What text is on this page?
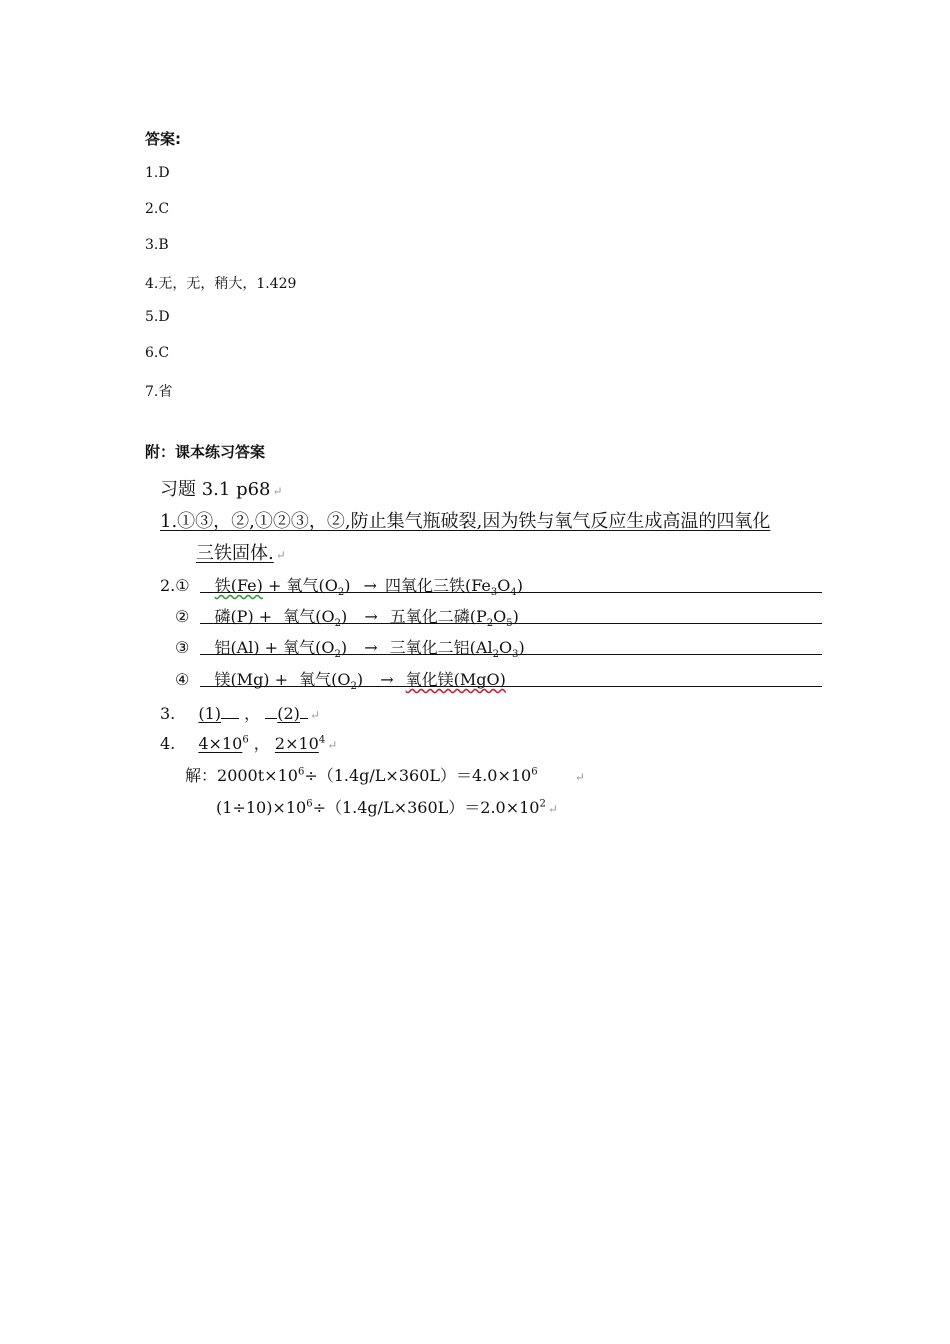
答案:
1.D
2.C
3.B
4.无，无，稍大，1.429
5.D
6.C
7.省
附：课本练习答案
习题 3.1 p68 ↵
1.①③，②,①②③，②,防止集气瓶破裂,因为铁与氧气反应生成高温的四氧化
三铁固体. ↵
2.① 铁(Fe) + 氧气$(O_2)$ → 四氧化三铁$(Fe_3O_4)$
② 磷(P) + 氧气$(O_2)$ → 五氧化二磷$(P_2O_5)$
③ 铝(Al) + 氧气$(O_2)$ → 三氧化二铝$(Al_2O_3)$
④ 镁(Mg) + 氧气$(O_2)$ → 氧化镁(MgO)
3. (1) ， (2) ↵
4. $4\times 10^6$ ， $2\times 10^4$ ↵
解：$2000t\times 10^6\div(1.4g/L\times 360L)=4.0\times 10^6$	↵
$(1\div 10)\times 10^6\div(1.4g/L\times 360L)=2.0\times 10^2$ ↵
